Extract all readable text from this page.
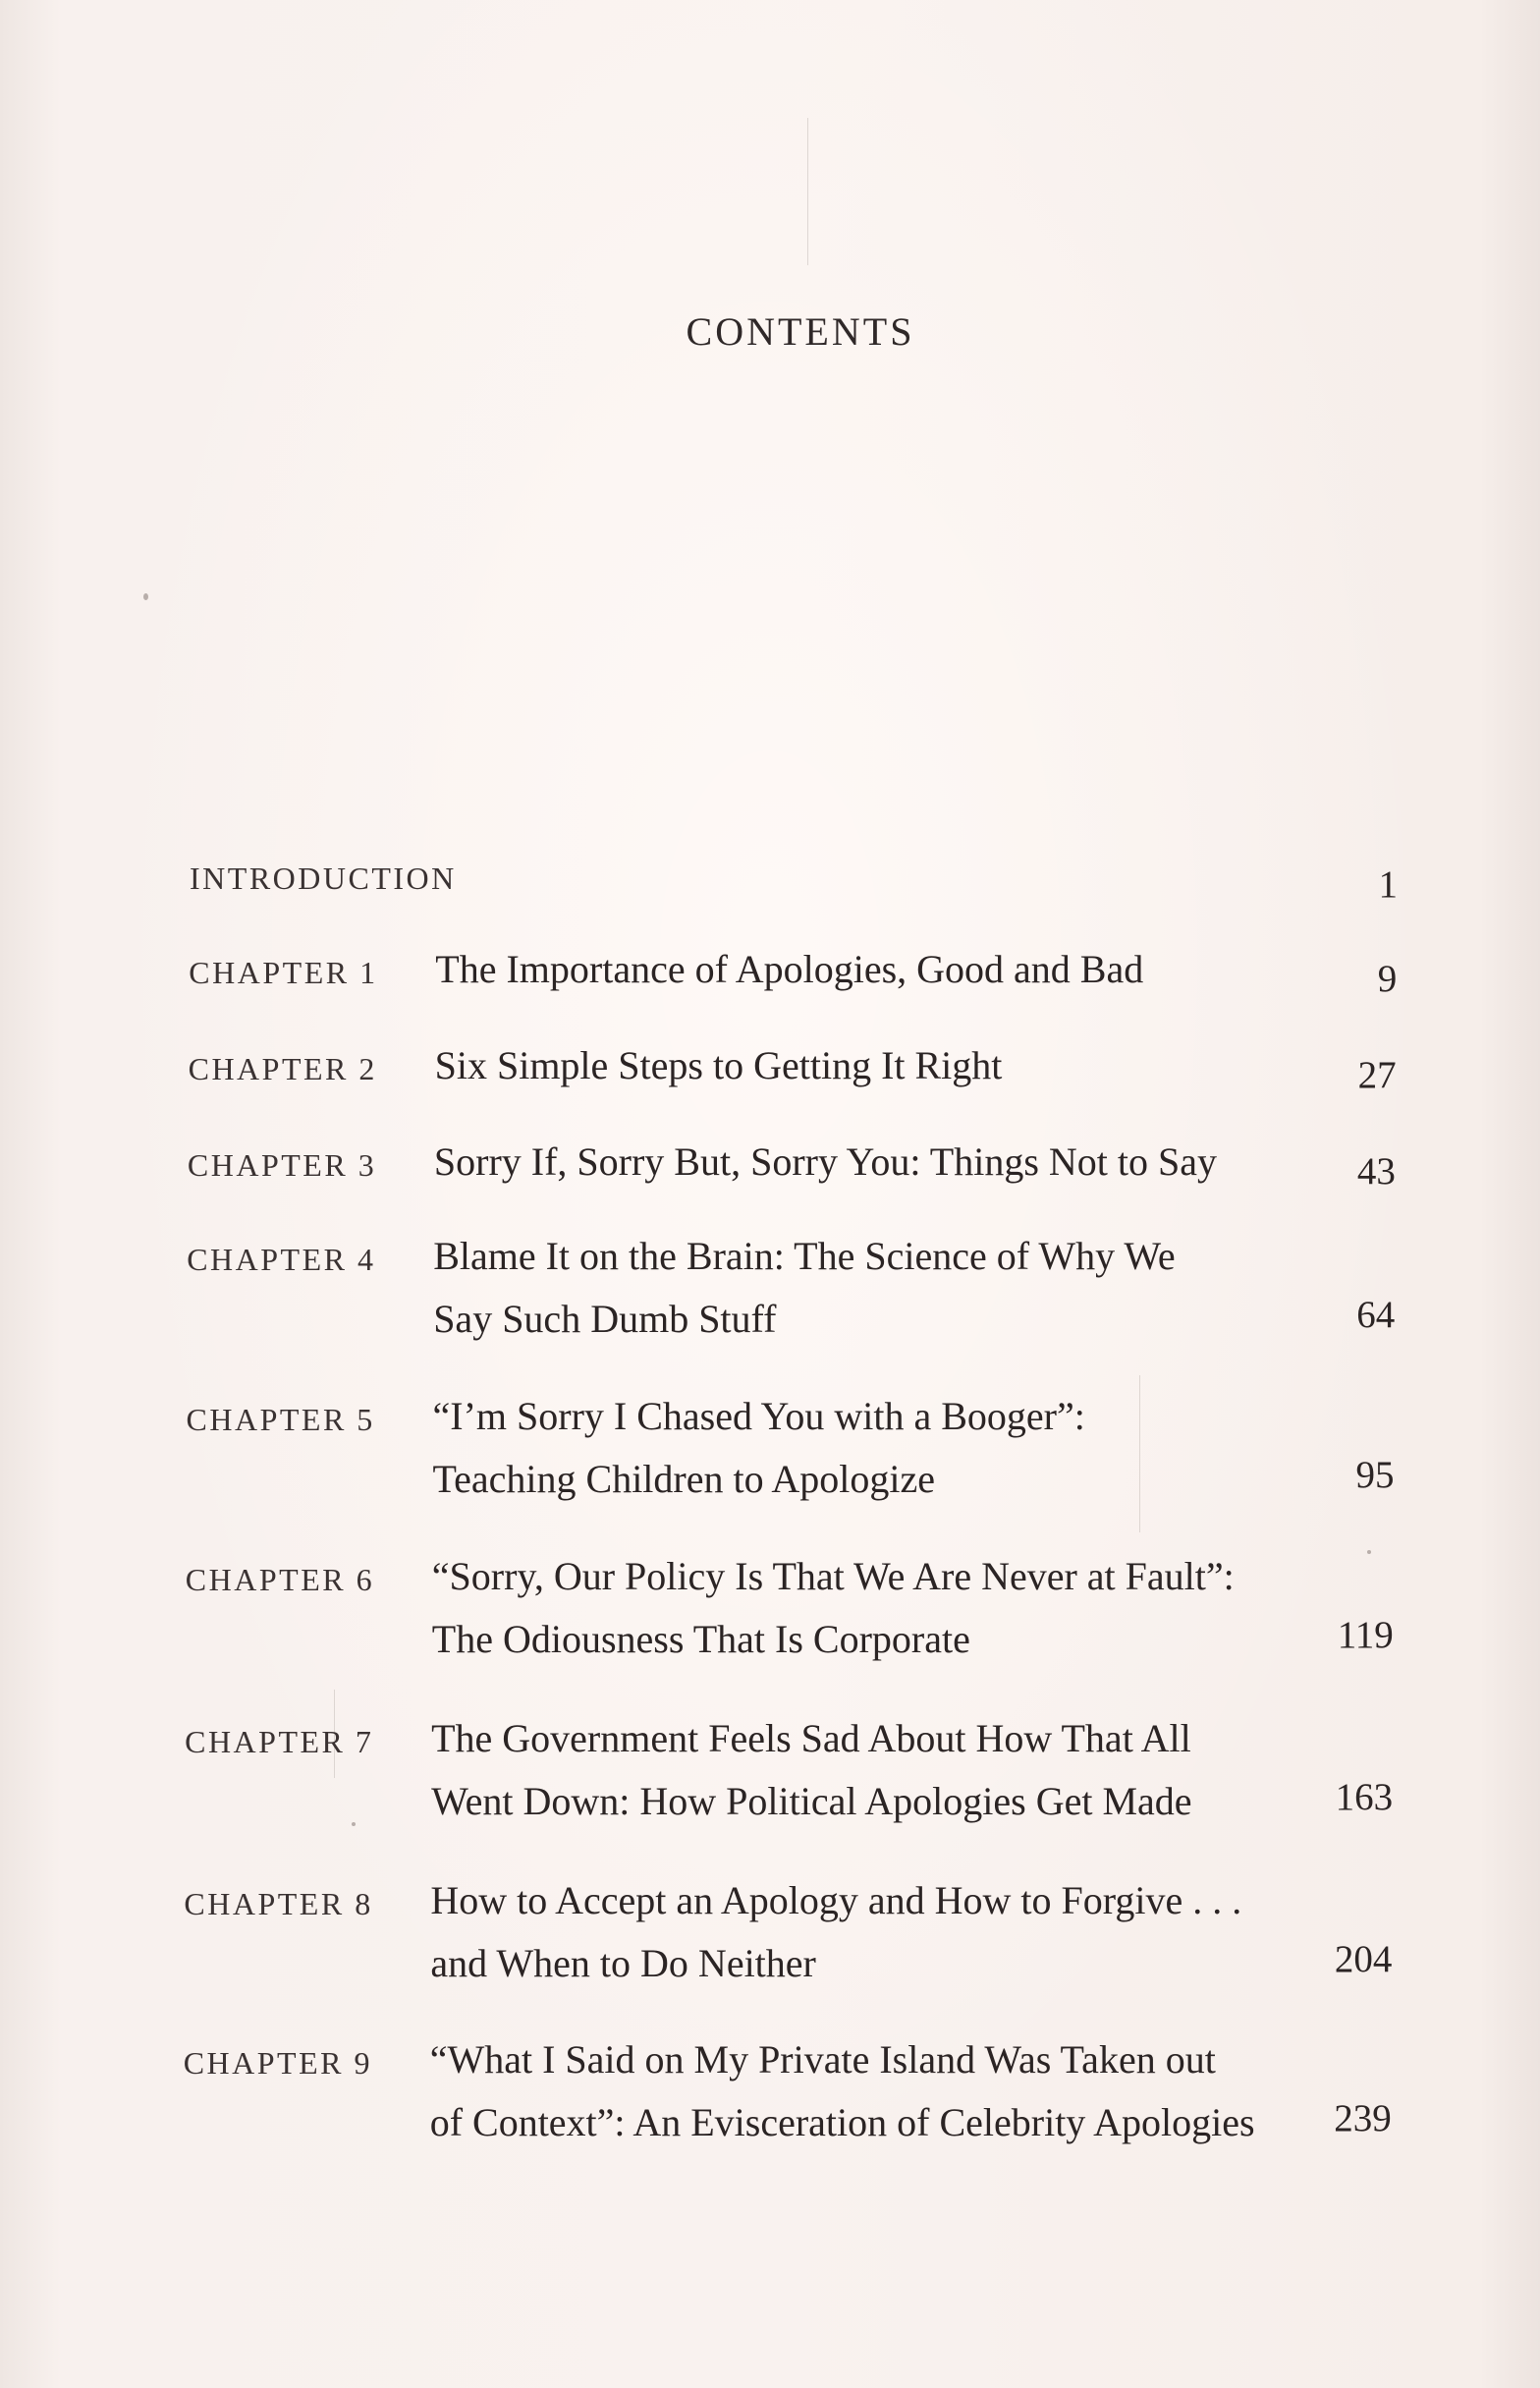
CONTENTS
INTRODUCTION	1
CHAPTER 1 The Importance of Apologies, Good and Bad	9
CHAPTER 2 Six Simple Steps to Getting It Right	27
CHAPTER 3 Sorry If, Sorry But, Sorry You: Things Not to Say	43
CHAPTER 4 Blame It on the Brain: The Science of Why We
Say Such Dumb Stuff	64
CHAPTER 5 “I’m Sorry I Chased You with a Booger”:
Teaching Children to Apologize	95
CHAPTER 6 “Sorry, Our Policy Is That We Are Never at Fault”:
The Odiousness That Is Corporate	119
CHAPTER 7 The Government Feels Sad About How That All
Went Down: How Political Apologies Get Made	163
CHAPTER 8 How to Accept an Apology and How to Forgive . . .
and When to Do Neither	204
CHAPTER 9 “What I Said on My Private Island Was Taken out
of Context”: An Evisceration of Celebrity Apologies	239
